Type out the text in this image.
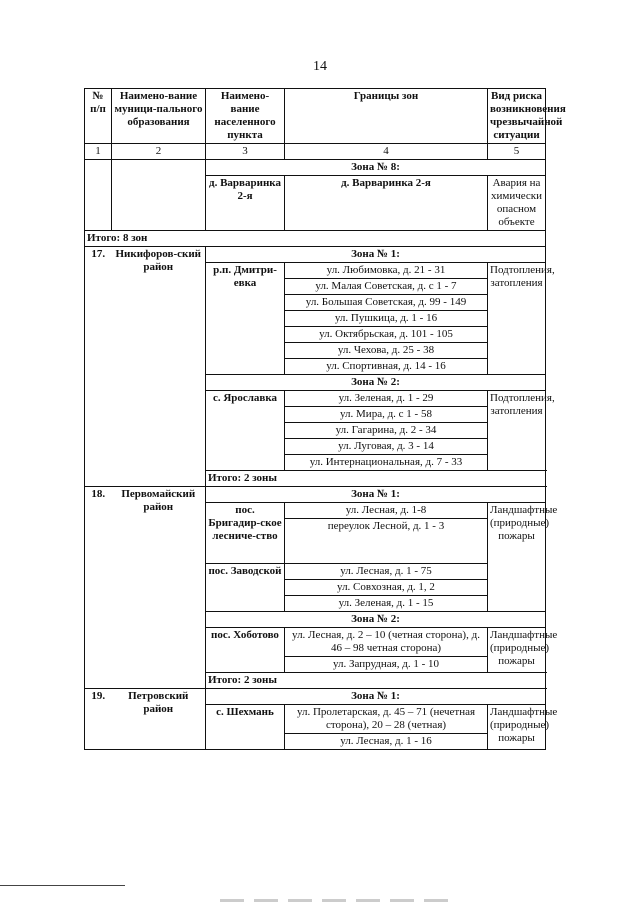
14
№ п/п	Наимено-вание муници-пального образования	Наимено-вание населенного пункта	Границы зон	Вид риска возникновения чрезвычайной ситуации
1	2	3	4	5
		Зона № 8:		
		д. Варваринка 2-я	д. Варваринка 2-я	Авария на химически опасном объекте
Итого: 8 зон				
17.	Никифоров-ский район	Зона № 1:		
		р.п. Дмитри-евка	ул. Любимовка, д. 21 - 31	Подтопления, затопления
			ул. Малая Советская, д. с 1 - 7	
			ул. Большая Советская, д. 99 - 149	
			ул. Пушкица, д. 1 - 16	
			ул. Октябрьская, д. 101 - 105	
			ул. Чехова, д. 25 - 38	
			ул. Спортивная, д. 14 - 16	
		Зона № 2:		
		с. Ярославка	ул. Зеленая, д. 1 - 29	Подтопления, затопления
			ул. Мира, д. с 1 - 58	
			ул. Гагарина, д. 2 - 34	
			ул. Луговая, д. 3 - 14	
			ул. Интернациональная, д. 7 - 33	
		Итого: 2 зоны		
18.	Первомайский район	Зона № 1:		
		пос. Бригадир-ское лесниче-ство	ул. Лесная, д. 1-8	Ландшафтные (природные) пожары
			переулок Лесной, д. 1 - 3	
		пос. Заводской	ул. Лесная, д. 1 - 75	
			ул. Совхозная, д. 1, 2	
			ул. Зеленая, д. 1 - 15	
		Зона № 2:		
		пос. Хоботово	ул. Лесная, д. 2 – 10 (четная сторона), д. 46 – 98 четная сторона)	Ландшафтные (природные) пожары
			ул. Запрудная, д. 1 - 10	
		Итого: 2 зоны		
19.	Петровский район	Зона № 1:		
		с. Шехмань	ул. Пролетарская, д. 45 – 71 (нечетная сторона), 20 – 28 (четная)	Ландшафтные (природные) пожары
			ул. Лесная, д. 1 - 16	
